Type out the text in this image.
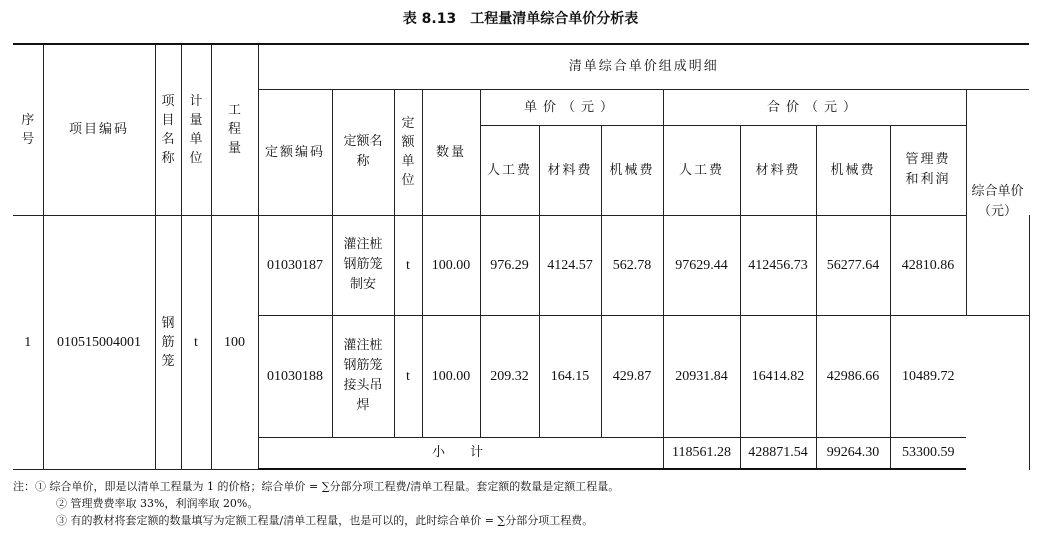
表 8.13　工程量清单综合单价分析表
序号	项目编码	项目名称	计量单位	工程量	清单综合单价组成明细												
					定额编码	定额名称	定额单位	数量	单价（元）			合价（元）				综合单价（元）	
									人工费	材料费	机械费	人工费	材料费	机械费	管理费和利润		
1	010515004001	钢筋笼	t	100	01030187	灌注桩钢筋笼制安	t	100.00	976.29	4124.57	562.78	97629.44	412456.73	56277.64	42810.86	
					01030188	灌注桩钢筋笼接头吊焊	t	100.00	209.32	164.15	429.87	20931.84	16414.82	42986.66	10489.72		
					小　计							118561.28	428871.54	99264.30	53300.59		
注：① 综合单价，即是以清单工程量为 1 的价格；综合单价 = ∑分部分项工程费/清单工程量。套定额的数量是定额工程量。
② 管理费费率取 33%，利润率取 20%。
③ 有的教材将套定额的数量填写为定额工程量/清单工程量，也是可以的，此时综合单价 = ∑分部分项工程费。
